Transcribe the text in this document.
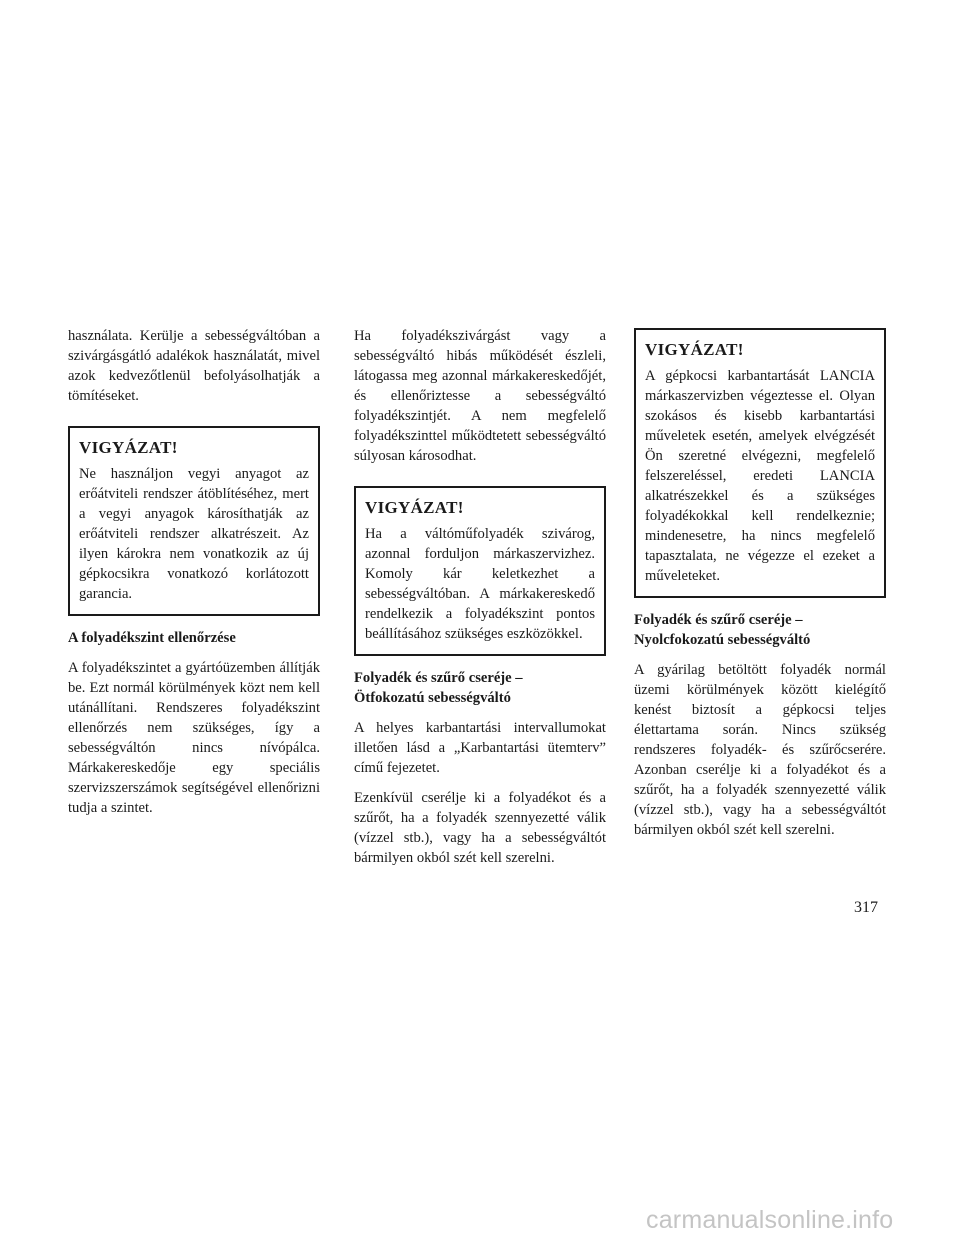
használata. Kerülje a sebességváltóban a szivárgásgátló adalékok használatát, mivel azok kedvezőtlenül befolyásolhatják a tömítéseket.

VIGYÁZAT!

Ne használjon vegyi anyagot az erőátviteli rendszer átöblítéséhez, mert a vegyi anyagok károsíthatják az erőátviteli rendszer alkatrészeit. Az ilyen károkra nem vonatkozik az új gépkocsikra vonatkozó korlátozott garancia.

A folyadékszint ellenőrzése

A folyadékszintet a gyártóüzemben állítják be. Ezt normál körülmények közt nem kell utánállítani. Rendszeres folyadékszint ellenőrzés nem szükséges, így a sebességváltón nincs nívópálca. Márkakereskedője egy speciális szervizszerszámok segítségével ellenőrizni tudja a szintet.

Ha folyadékszivárgást vagy a sebességváltó hibás működését észleli, látogassa meg azonnal márkakereskedőjét, és ellenőriztesse a sebességváltó folyadékszintjét. A nem megfelelő folyadékszinttel működtetett sebességváltó súlyosan károsodhat.

VIGYÁZAT!

Ha a váltóműfolyadék szivárog, azonnal forduljon márkaszervizhez. Komoly kár keletkezhet a sebességváltóban. A márkakereskedő rendelkezik a folyadékszint pontos beállításához szükséges eszközökkel.

Folyadék és szűrő cseréje –
Ötfokozatú sebességváltó

A helyes karbantartási intervallumokat illetően lásd a „Karbantartási ütemterv” című fejezetet.

Ezenkívül cserélje ki a folyadékot és a szűrőt, ha a folyadék szennyezetté válik (vízzel stb.), vagy ha a sebességváltót bármilyen okból szét kell szerelni.

VIGYÁZAT!

A gépkocsi karbantartását LANCIA márkaszervizben végeztesse el. Olyan szokásos és kisebb karbantartási műveletek esetén, amelyek elvégzését Ön szeretné elvégezni, megfelelő felszereléssel, eredeti LANCIA alkatrészekkel és a szükséges folyadékokkal kell rendelkeznie; mindenesetre, ha nincs megfelelő tapasztalata, ne végezze el ezeket a műveleteket.

Folyadék és szűrő cseréje –
Nyolcfokozatú sebességváltó

A gyárilag betöltött folyadék normál üzemi körülmények között kielégítő kenést biztosít a gépkocsi teljes élettartama során. Nincs szükség rendszeres folyadék- és szűrőcserére. Azonban cserélje ki a folyadékot és a szűrőt, ha a folyadék szennyezetté válik (vízzel stb.), vagy ha a sebességváltót bármilyen okból szét kell szerelni.

317
carmanualsonline.info
